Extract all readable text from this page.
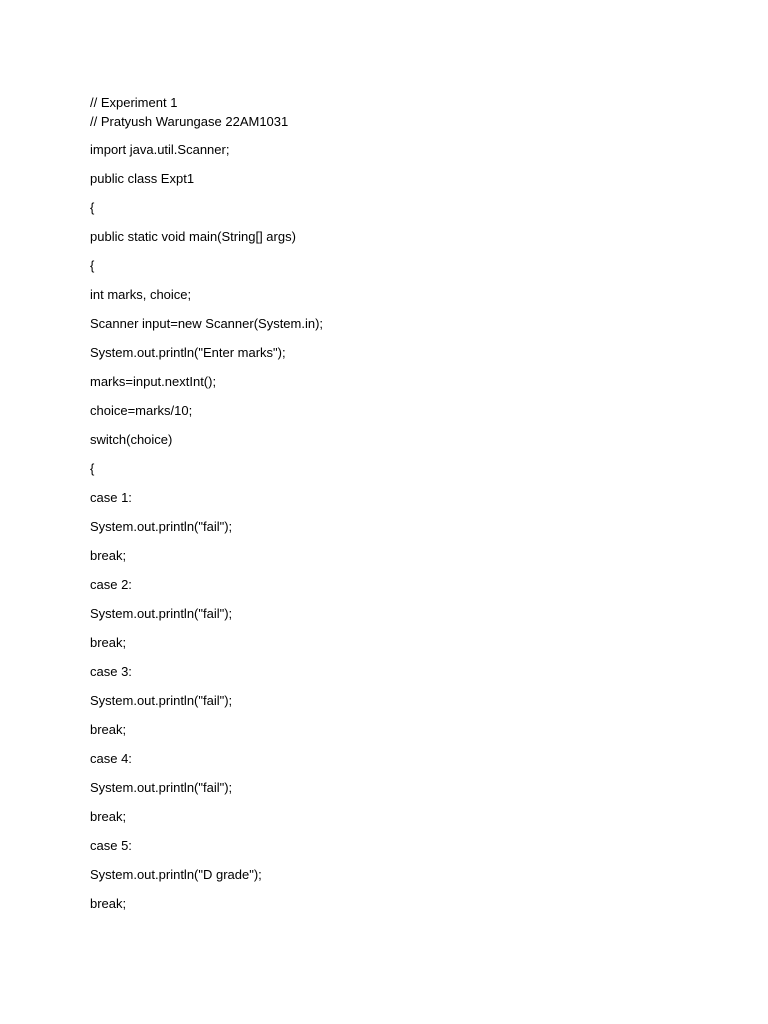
// Experiment 1
// Pratyush Warungase 22AM1031
import java.util.Scanner;
public class Expt1
{
public static void main(String[] args)
{
int marks, choice;
Scanner input=new Scanner(System.in);
System.out.println("Enter marks");
marks=input.nextInt();
choice=marks/10;
switch(choice)
{
case 1:
System.out.println("fail");
break;
case 2:
System.out.println("fail");
break;
case 3:
System.out.println("fail");
break;
case 4:
System.out.println("fail");
break;
case 5:
System.out.println("D grade");
break;
